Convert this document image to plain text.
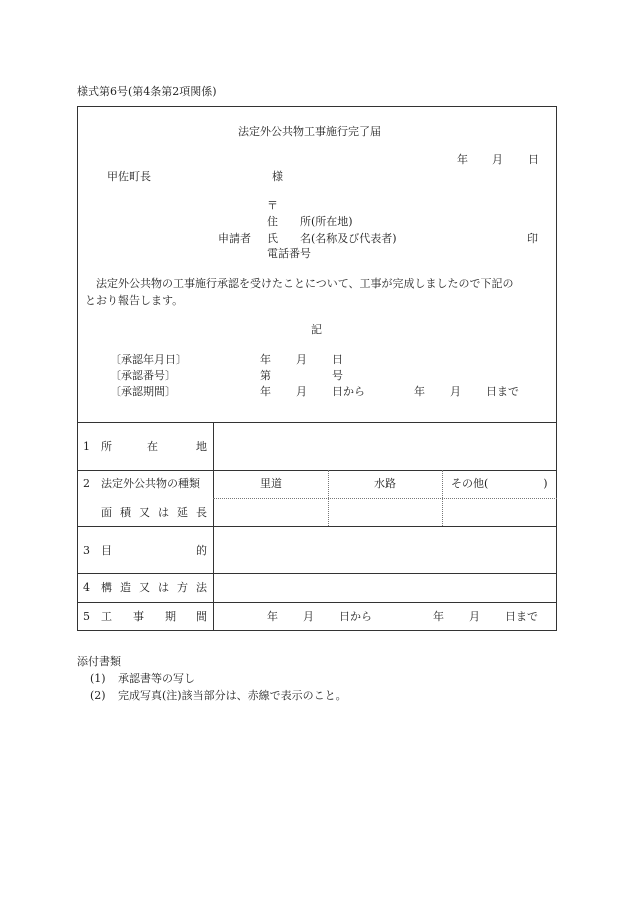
様式第6号(第4条第2項関係)
法定外公共物工事施行完了届
年 月 日
甲佐町長	様
〒
住　　所(所在地)
申請者 氏　　名(名称及び代表者)	印
電話番号
　法定外公共物の工事施行承認を受けたことについて、工事が完成しましたので下記の
とおり報告します。
記
〔承認年月日〕	年 月 日
〔承認番号〕	第	号
〔承認期間〕	年 月 日から	年 月 日まで
1 所	在	地
2 法定外公共物の種類	里道	水路	その他(　　　　　)
面 積 又 は 延 長
3 目	的
4 構 造 又 は 方 法
5 工 事 期 間	年 月 日から	年 月 日まで
添付書類
(1) 承認書等の写し
(2) 完成写真(注)該当部分は、赤線で表示のこと。
